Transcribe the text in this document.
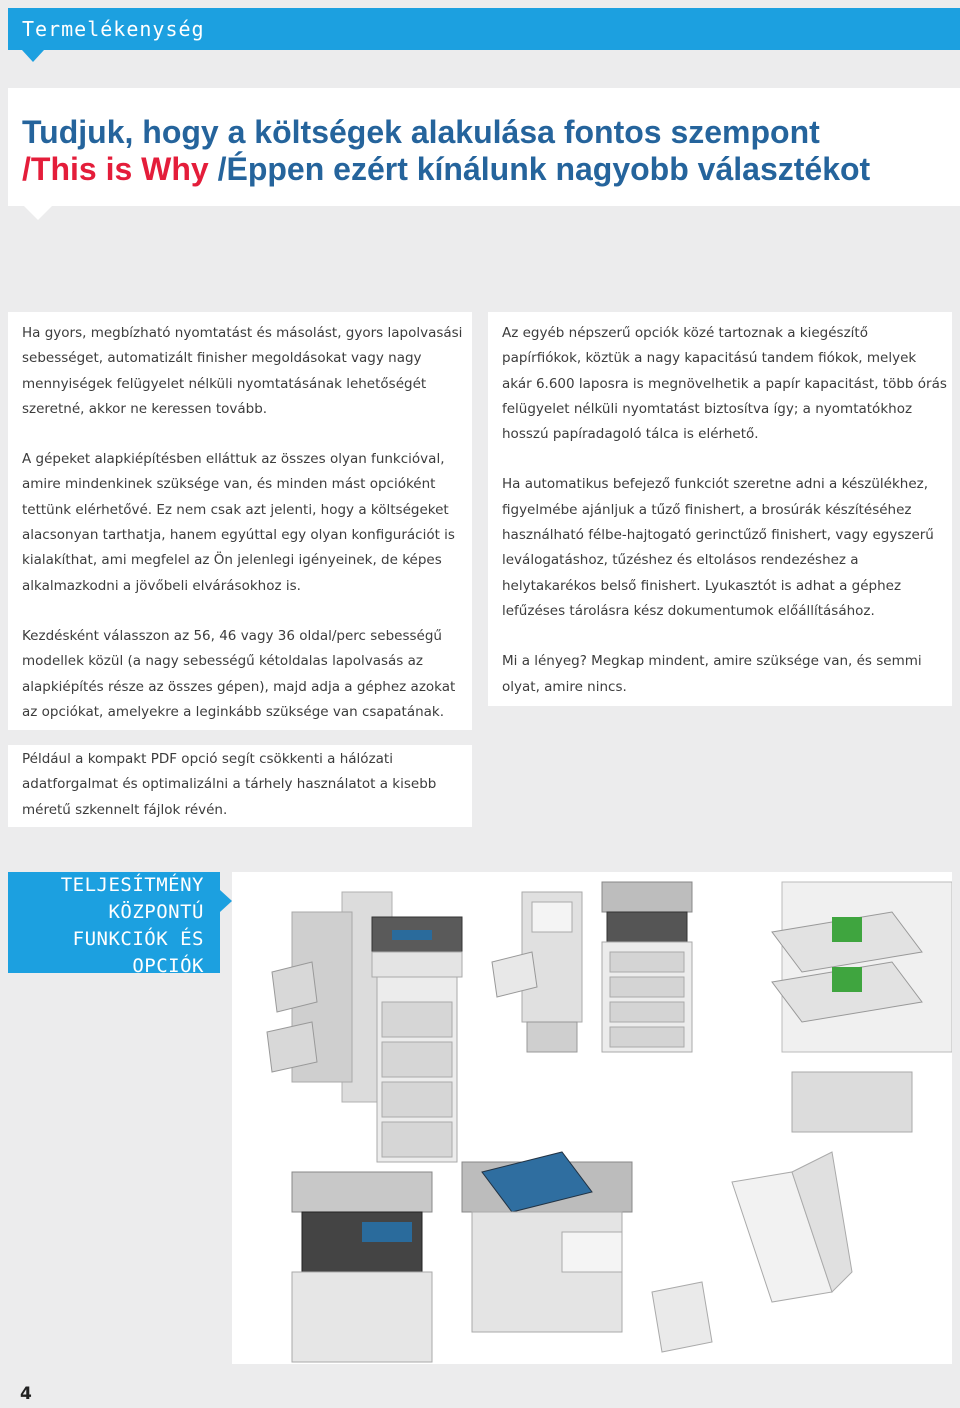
Termelékenység
Tudjuk, hogy a költségek alakulása fontos szempont
/This is Why /Éppen ezért kínálunk nagyobb választékot

Ha gyors, megbízható nyomtatást és másolást, gyors lapolvasási sebességet, automatizált finisher megoldásokat vagy nagy mennyiségek felügyelet nélküli nyomtatásának lehetőségét szeretné, akkor ne keressen tovább.

A gépeket alapkiépítésben elláttuk az összes olyan funkcióval, amire mindenkinek szüksége van, és minden mást opcióként tettünk elérhetővé. Ez nem csak azt jelenti, hogy a költségeket alacsonyan tarthatja, hanem egyúttal egy olyan konfigurációt is kialakíthat, ami megfelel az Ön jelenlegi igényeinek, de képes alkalmazkodni a jövőbeli elvárásokhoz is.

Kezdésként válasszon az 56, 46 vagy 36 oldal/perc sebességű modellek közül (a nagy sebességű kétoldalas lapolvasás az alapkiépítés része az összes gépen), majd adja a géphez azokat az opciókat, amelyekre a leginkább szüksége van csapatának.

Az egyéb népszerű opciók közé tartoznak a kiegészítő papírfiókok, köztük a nagy kapacitású tandem fiókok, melyek akár 6.600 laposra is megnövelhetik a papír kapacitást, több órás felügyelet nélküli nyomtatást biztosítva így; a nyomtatókhoz hosszú papíradagoló tálca is elérhető.

Ha automatikus befejező funkciót szeretne adni a készülékhez, figyelmébe ajánljuk a tűző finishert, a brosúrák készítéséhez használható félbe-hajtogató gerinctűző finishert, vagy egyszerű leválogatáshoz, tűzéshez és eltolásos rendezéshez a helytakarékos belső finishert. Lyukasztót is adhat a géphez lefűzéses tárolásra kész dokumentumok előállításához.

Mi a lényeg? Megkap mindent, amire szüksége van, és semmi olyat, amire nincs.

Például a kompakt PDF opció segít csökkenti a hálózati adatforgalmat és optimalizálni a tárhely használatot a kisebb méretű szkennelt fájlok révén.

TELJESÍTMÉNY
KÖZPONTÚ
FUNKCIÓK ÉS
OPCIÓK
4
